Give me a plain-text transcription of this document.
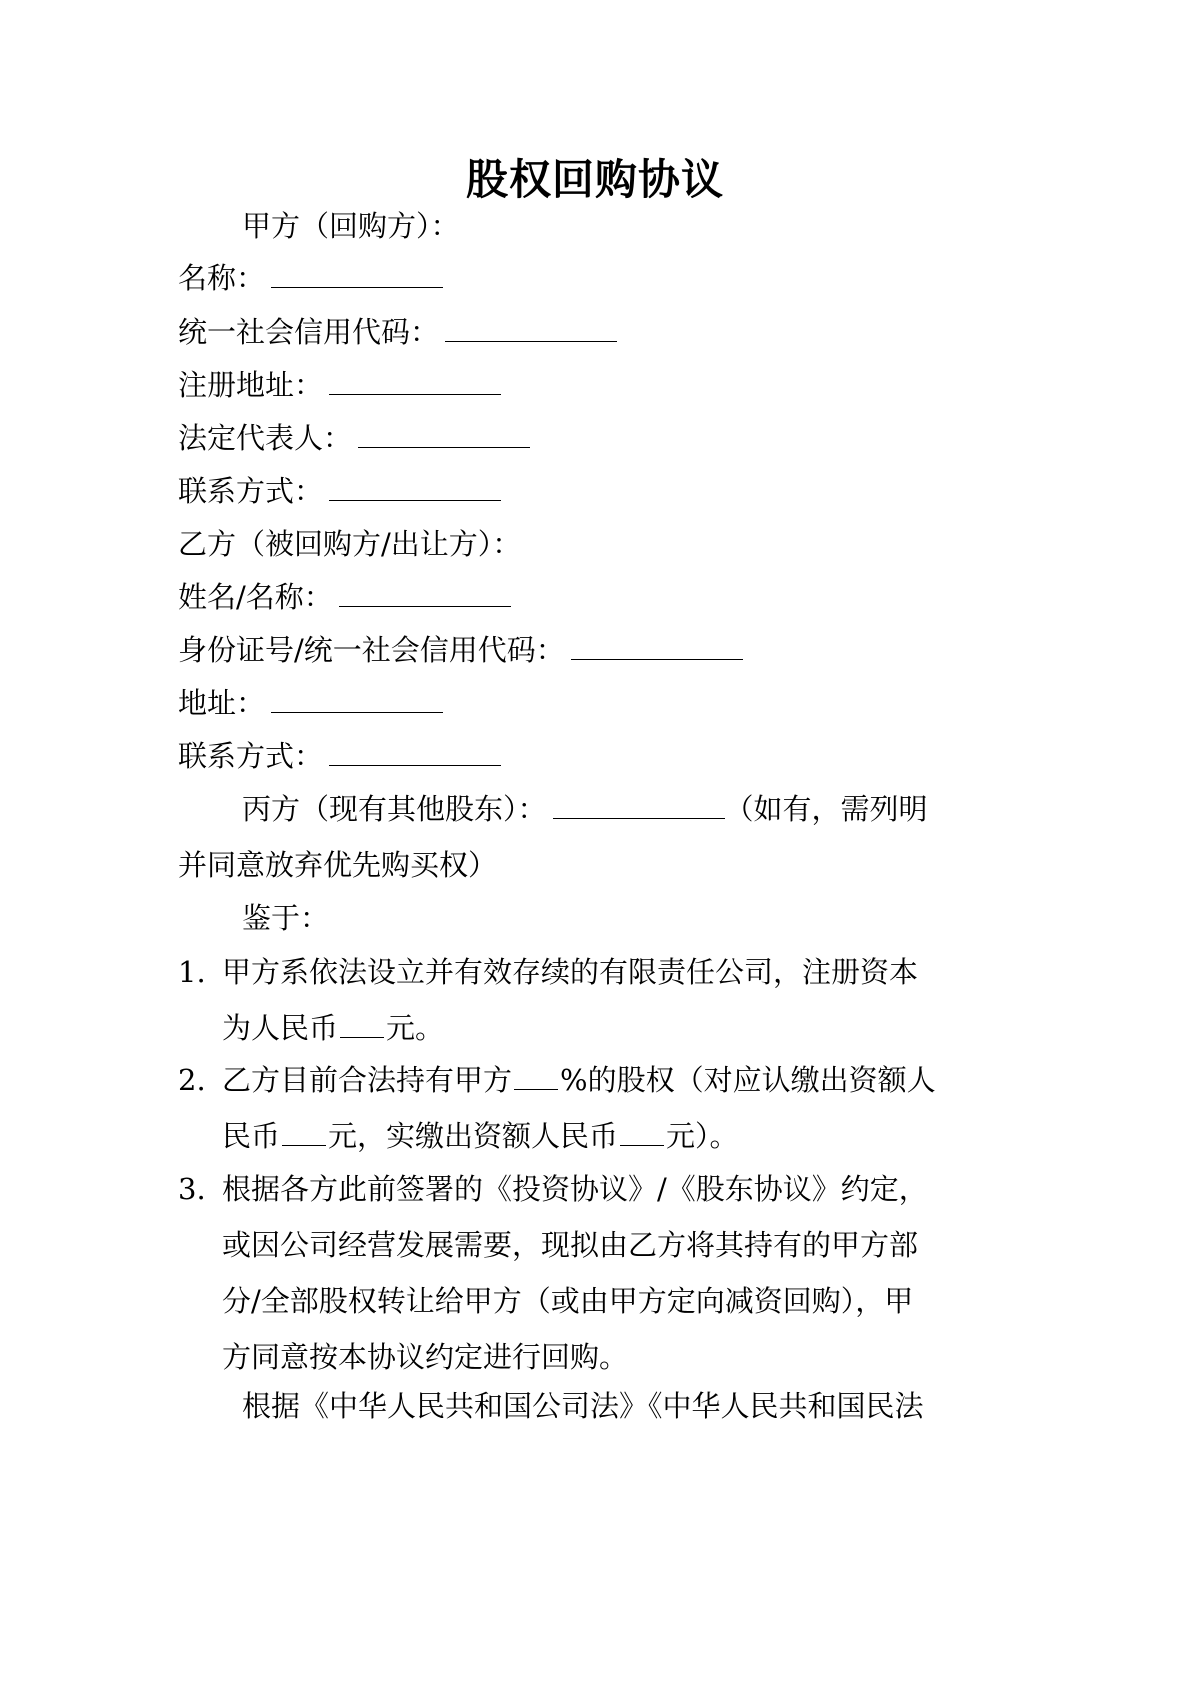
股权回购协议
甲方（回购方）：
名称：
统一社会信用代码：
注册地址：
法定代表人：
联系方式：
乙方（被回购方/出让方）：
姓名/名称：
身份证号/统一社会信用代码：
地址：
联系方式：
丙方（现有其他股东）：	（如有，需列明
并同意放弃优先购买权）
鉴于：
1. 甲方系依法设立并有效存续的有限责任公司，注册资本
为人民币 元。
2. 乙方目前合法持有甲方 %的股权（对应认缴出资额人
民币 元，实缴出资额人民币 元）。
3. 根据各方此前签署的《投资协议》/《股东协议》约定，
或因公司经营发展需要，现拟由乙方将其持有的甲方部
分/全部股权转让给甲方（或由甲方定向减资回购），甲
方同意按本协议约定进行回购。
根据《中华人民共和国公司法》《中华人民共和国民法
